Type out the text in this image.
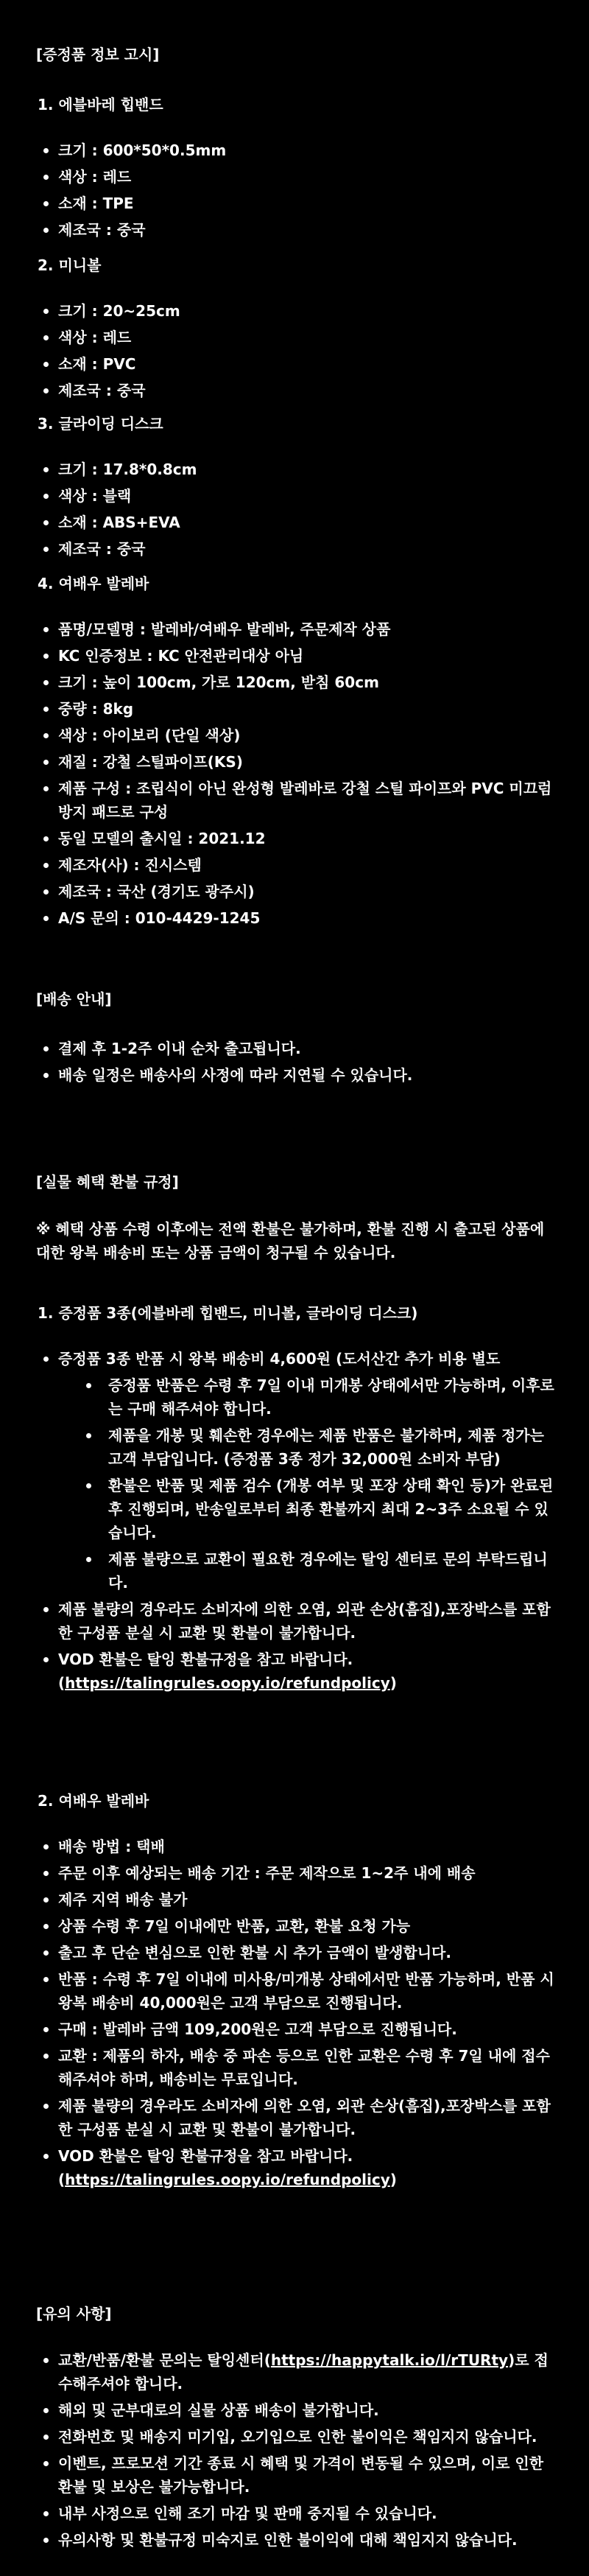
[증정품 정보 고시]
1. 에블바레 힙밴드
크기 : 600*50*0.5mm
색상 : 레드
소재 : TPE
제조국 : 중국
2. 미니볼
크기 : 20~25cm
색상 : 레드
소재 : PVC
제조국 : 중국
3. 글라이딩 디스크
크기 : 17.8*0.8cm
색상 : 블랙
소재 : ABS+EVA
제조국 : 중국
4. 여배우 발레바
품명/모델명 : 발레바/여배우 발레바, 주문제작 상품
KC 인증정보 : KC 안전관리대상 아님
크기 : 높이 100cm, 가로 120cm, 받침 60cm
중량 : 8kg
색상 : 아이보리 (단일 색상)
재질 : 강철 스틸파이프(KS)
제품 구성 : 조립식이 아닌 완성형 발레바로 강철 스틸 파이프와 PVC 미끄럼방지 패드로 구성
동일 모델의 출시일 : 2021.12
제조자(사) : 진시스템
제조국 : 국산 (경기도 광주시)
A/S 문의 : 010-4429-1245
[배송 안내]
결제 후 1-2주 이내 순차 출고됩니다.
배송 일정은 배송사의 사정에 따라 지연될 수 있습니다.
[실물 혜택 환불 규정]
※ 혜택 상품 수령 이후에는 전액 환불은 불가하며, 환불 진행 시 출고된 상품에 대한 왕복 배송비 또는 상품 금액이 청구될 수 있습니다.
1. 증정품 3종(에블바레 힙밴드, 미니볼, 글라이딩 디스크)
증정품 3종 반품 시 왕복 배송비 4,600원 (도서산간 추가 비용 별도
증정품 반품은 수령 후 7일 이내 미개봉 상태에서만 가능하며, 이후로는 구매 해주셔야 합니다.
제품을 개봉 및 훼손한 경우에는 제품 반품은 불가하며, 제품 정가는 고객 부담입니다. (증정품 3종 정가 32,000원 소비자 부담)
환불은 반품 및 제품 검수 (개봉 여부 및 포장 상태 확인 등)가 완료된 후 진행되며, 반송일로부터 최종 환불까지 최대 2~3주 소요될 수 있습니다.
제품 불량으로 교환이 필요한 경우에는 탈잉 센터로 문의 부탁드립니다.
제품 불량의 경우라도 소비자에 의한 오염, 외관 손상(흠집),포장박스를 포함한 구성품 분실 시 교환 및 환불이 불가합니다.
VOD 환불은 탈잉 환불규정을 참고 바랍니다. (https://talingrules.oopy.io/refundpolicy)
2. 여배우 발레바
배송 방법 : 택배
주문 이후 예상되는 배송 기간 : 주문 제작으로 1~2주 내에 배송
제주 지역 배송 불가
상품 수령 후 7일 이내에만 반품, 교환, 환불 요청 가능
출고 후 단순 변심으로 인한 환불 시 추가 금액이 발생합니다.
반품 : 수령 후 7일 이내에 미사용/미개봉 상태에서만 반품 가능하며, 반품 시 왕복 배송비 40,000원은 고객 부담으로 진행됩니다.
구매 : 발레바 금액 109,200원은 고객 부담으로 진행됩니다.
교환 : 제품의 하자, 배송 중 파손 등으로 인한 교환은 수령 후 7일 내에 접수해주셔야 하며, 배송비는 무료입니다.
제품 불량의 경우라도 소비자에 의한 오염, 외관 손상(흠집),포장박스를 포함한 구성품 분실 시 교환 및 환불이 불가합니다.
VOD 환불은 탈잉 환불규정을 참고 바랍니다. (https://talingrules.oopy.io/refundpolicy)
[유의 사항]
교환/반품/환불 문의는 탈잉센터(https://happytalk.io/l/rTURty)로 접수해주셔야 합니다.
해외 및 군부대로의 실물 상품 배송이 불가합니다.
전화번호 및 배송지 미기입, 오기입으로 인한 불이익은 책임지지 않습니다.
이벤트, 프로모션 기간 종료 시 혜택 및 가격이 변동될 수 있으며, 이로 인한 환불 및 보상은 불가능합니다.
내부 사정으로 인해 조기 마감 및 판매 중지될 수 있습니다.
유의사항 및 환불규정 미숙지로 인한 불이익에 대해 책임지지 않습니다.
